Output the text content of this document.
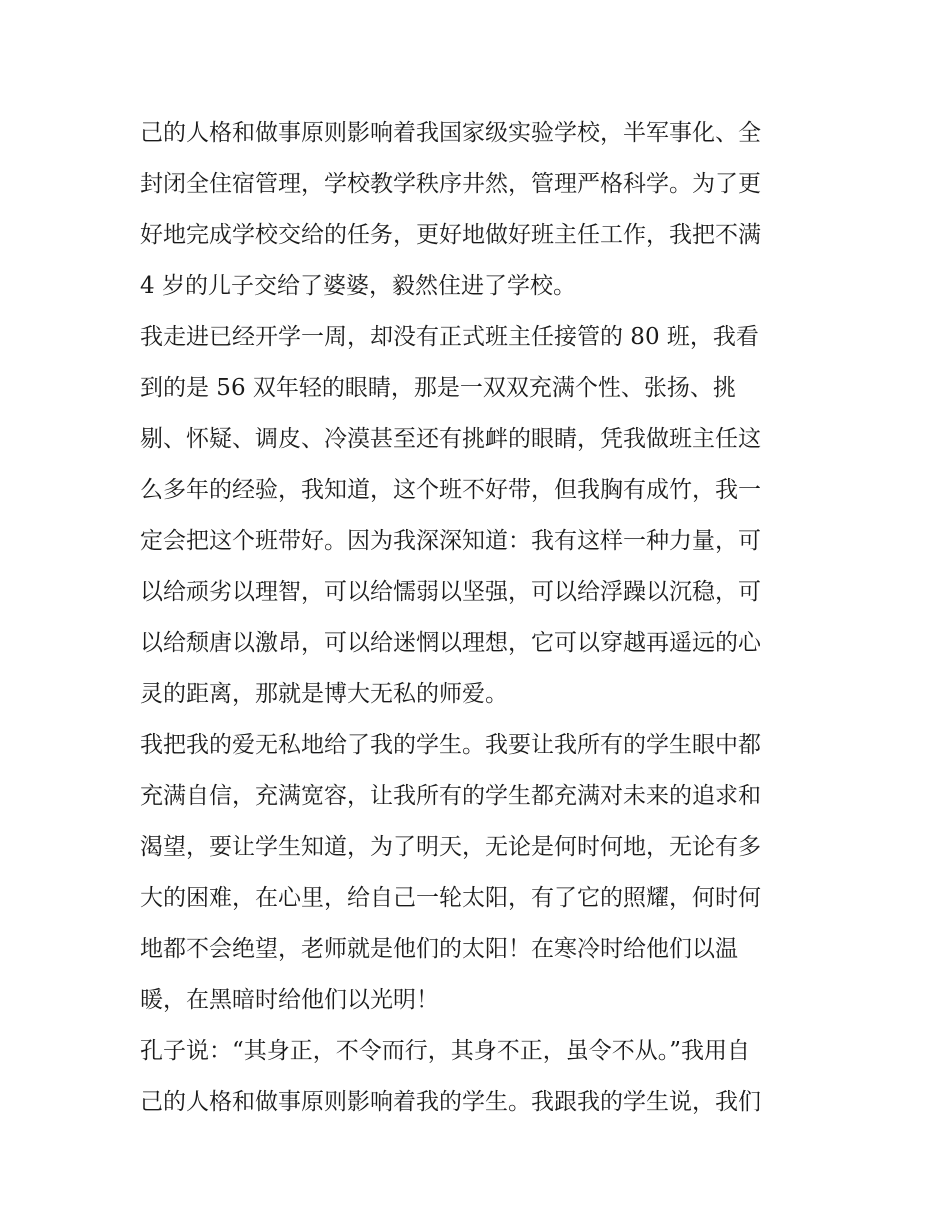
己的人格和做事原则影响着我国家级实验学校，半军事化、全
封闭全住宿管理，学校教学秩序井然，管理严格科学。为了更
好地完成学校交给的任务，更好地做好班主任工作，我把不满
4 岁的儿子交给了婆婆，毅然住进了学校。
我走进已经开学一周，却没有正式班主任接管的 80 班，我看
到的是 56 双年轻的眼睛，那是一双双充满个性、张扬、挑
剔、怀疑、调皮、冷漠甚至还有挑衅的眼睛，凭我做班主任这
么多年的经验，我知道，这个班不好带，但我胸有成竹，我一
定会把这个班带好。因为我深深知道：我有这样一种力量，可
以给顽劣以理智，可以给懦弱以坚强，可以给浮躁以沉稳，可
以给颓唐以激昂，可以给迷惘以理想，它可以穿越再遥远的心
灵的距离，那就是博大无私的师爱。
我把我的爱无私地给了我的学生。我要让我所有的学生眼中都
充满自信，充满宽容，让我所有的学生都充满对未来的追求和
渴望，要让学生知道，为了明天，无论是何时何地，无论有多
大的困难，在心里，给自己一轮太阳，有了它的照耀，何时何
地都不会绝望，老师就是他们的太阳！在寒冷时给他们以温
暖，在黑暗时给他们以光明！
孔子说：“其身正，不令而行，其身不正，虽令不从。”我用自
己的人格和做事原则影响着我的学生。我跟我的学生说，我们
